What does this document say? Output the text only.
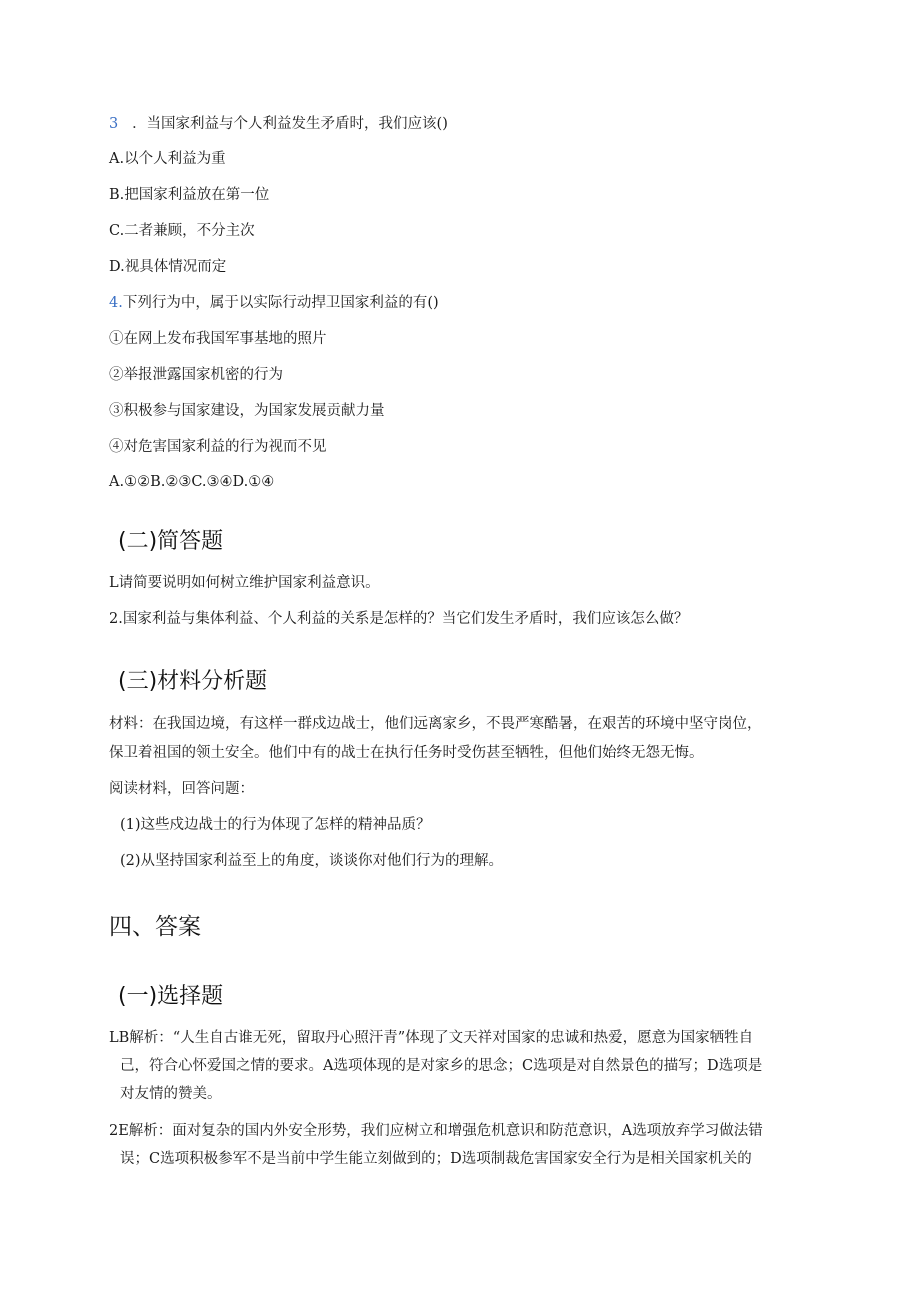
3 ．当国家利益与个人利益发生矛盾时，我们应该()
A.以个人利益为重
B.把国家利益放在第一位
C.二者兼顾，不分主次
D.视具体情况而定
4.下列行为中，属于以实际行动捍卫国家利益的有()
①在网上发布我国军事基地的照片
②举报泄露国家机密的行为
③积极参与国家建设，为国家发展贡献力量
④对危害国家利益的行为视而不见
A.①②B.②③C.③④D.①④
(二)简答题
L请简要说明如何树立维护国家利益意识。
2.国家利益与集体利益、个人利益的关系是怎样的？当它们发生矛盾时，我们应该怎么做？
(三)材料分析题
材料：在我国边境，有这样一群戍边战士，他们远离家乡，不畏严寒酷暑，在艰苦的环境中坚守岗位，
保卫着祖国的领土安全。他们中有的战士在执行任务时受伤甚至牺牲，但他们始终无怨无悔。
阅读材料，回答问题：
(1)这些戍边战士的行为体现了怎样的精神品质？
(2)从坚持国家利益至上的角度，谈谈你对他们行为的理解。
四、答案
(一)选择题
LB解析：“人生自古谁无死，留取丹心照汗青”体现了文天祥对国家的忠诚和热爱，愿意为国家牺牲自
己，符合心怀爱国之情的要求。A选项体现的是对家乡的思念；C选项是对自然景色的描写；D选项是
对友情的赞美。
2E解析：面对复杂的国内外安全形势，我们应树立和增强危机意识和防范意识，A选项放弃学习做法错
误；C选项积极参军不是当前中学生能立刻做到的；D选项制裁危害国家安全行为是相关国家机关的
